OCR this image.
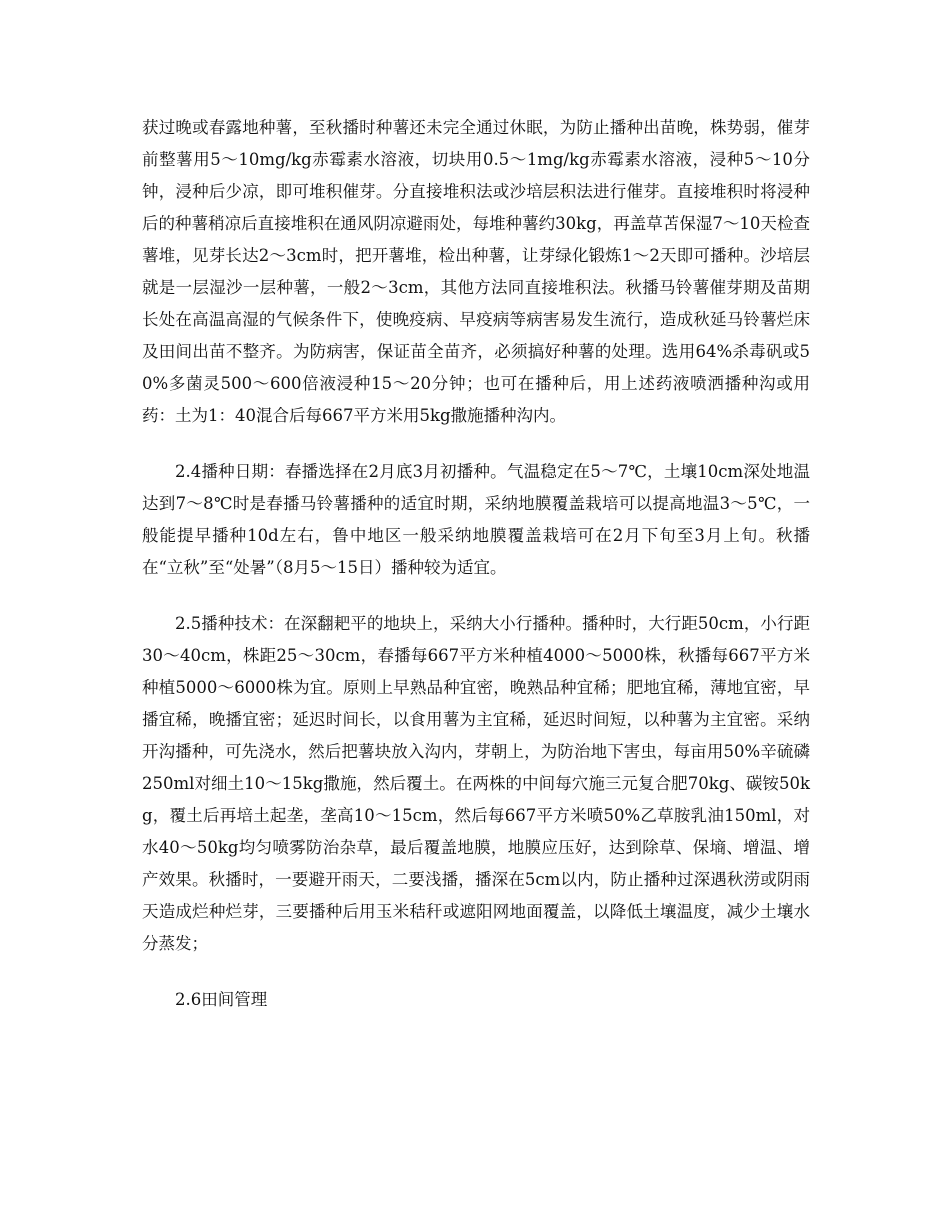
获过晚或春露地种薯，至秋播时种薯还未完全通过休眠，为防止播种出苗晚，株势弱，催芽前整薯用5～10mg/kg赤霉素水溶液，切块用0.5～1mg/kg赤霉素水溶液，浸种5～10分钟，浸种后少凉，即可堆积催芽。分直接堆积法或沙培层积法进行催芽。直接堆积时将浸种后的种薯稍凉后直接堆积在通风阴凉避雨处，每堆种薯约30kg，再盖草苫保湿7～10天检查薯堆，见芽长达2～3cm时，把开薯堆，检出种薯，让芽绿化锻炼1～2天即可播种。沙培层就是一层湿沙一层种薯，一般2～3cm，其他方法同直接堆积法。秋播马铃薯催芽期及苗期长处在高温高湿的气候条件下，使晚疫病、早疫病等病害易发生流行，造成秋延马铃薯烂床及田间出苗不整齐。为防病害，保证苗全苗齐，必须搞好种薯的处理。选用64%杀毒矾或50%多菌灵500～600倍液浸种15～20分钟；也可在播种后，用上述药液喷洒播种沟或用药：土为1：40混合后每667平方米用5kg撒施播种沟内。

2.4播种日期：春播选择在2月底3月初播种。气温稳定在5～7℃，土壤10cm深处地温达到7～8℃时是春播马铃薯播种的适宜时期，采纳地膜覆盖栽培可以提高地温3～5℃，一般能提早播种10d左右，鲁中地区一般采纳地膜覆盖栽培可在2月下旬至3月上旬。秋播在“立秋”至“处暑”（8月5～15日）播种较为适宜。

2.5播种技术：在深翻耙平的地块上，采纳大小行播种。播种时，大行距50cm，小行距30～40cm，株距25～30cm，春播每667平方米种植4000～5000株，秋播每667平方米种植5000～6000株为宜。原则上早熟品种宜密，晚熟品种宜稀；肥地宜稀，薄地宜密，早播宜稀，晚播宜密；延迟时间长，以食用薯为主宜稀，延迟时间短，以种薯为主宜密。采纳开沟播种，可先浇水，然后把薯块放入沟内，芽朝上，为防治地下害虫，每亩用50%辛硫磷250ml对细土10～15kg撒施，然后覆土。在两株的中间每穴施三元复合肥70kg、碳铵50kg，覆土后再培土起垄，垄高10～15cm，然后每667平方米喷50%乙草胺乳油150ml，对水40～50kg均匀喷雾防治杂草，最后覆盖地膜，地膜应压好，达到除草、保墒、增温、增产效果。秋播时，一要避开雨天，二要浅播，播深在5cm以内，防止播种过深遇秋涝或阴雨天造成烂种烂芽，三要播种后用玉米秸秆或遮阳网地面覆盖，以降低土壤温度，减少土壤水分蒸发；

2.6田间管理
